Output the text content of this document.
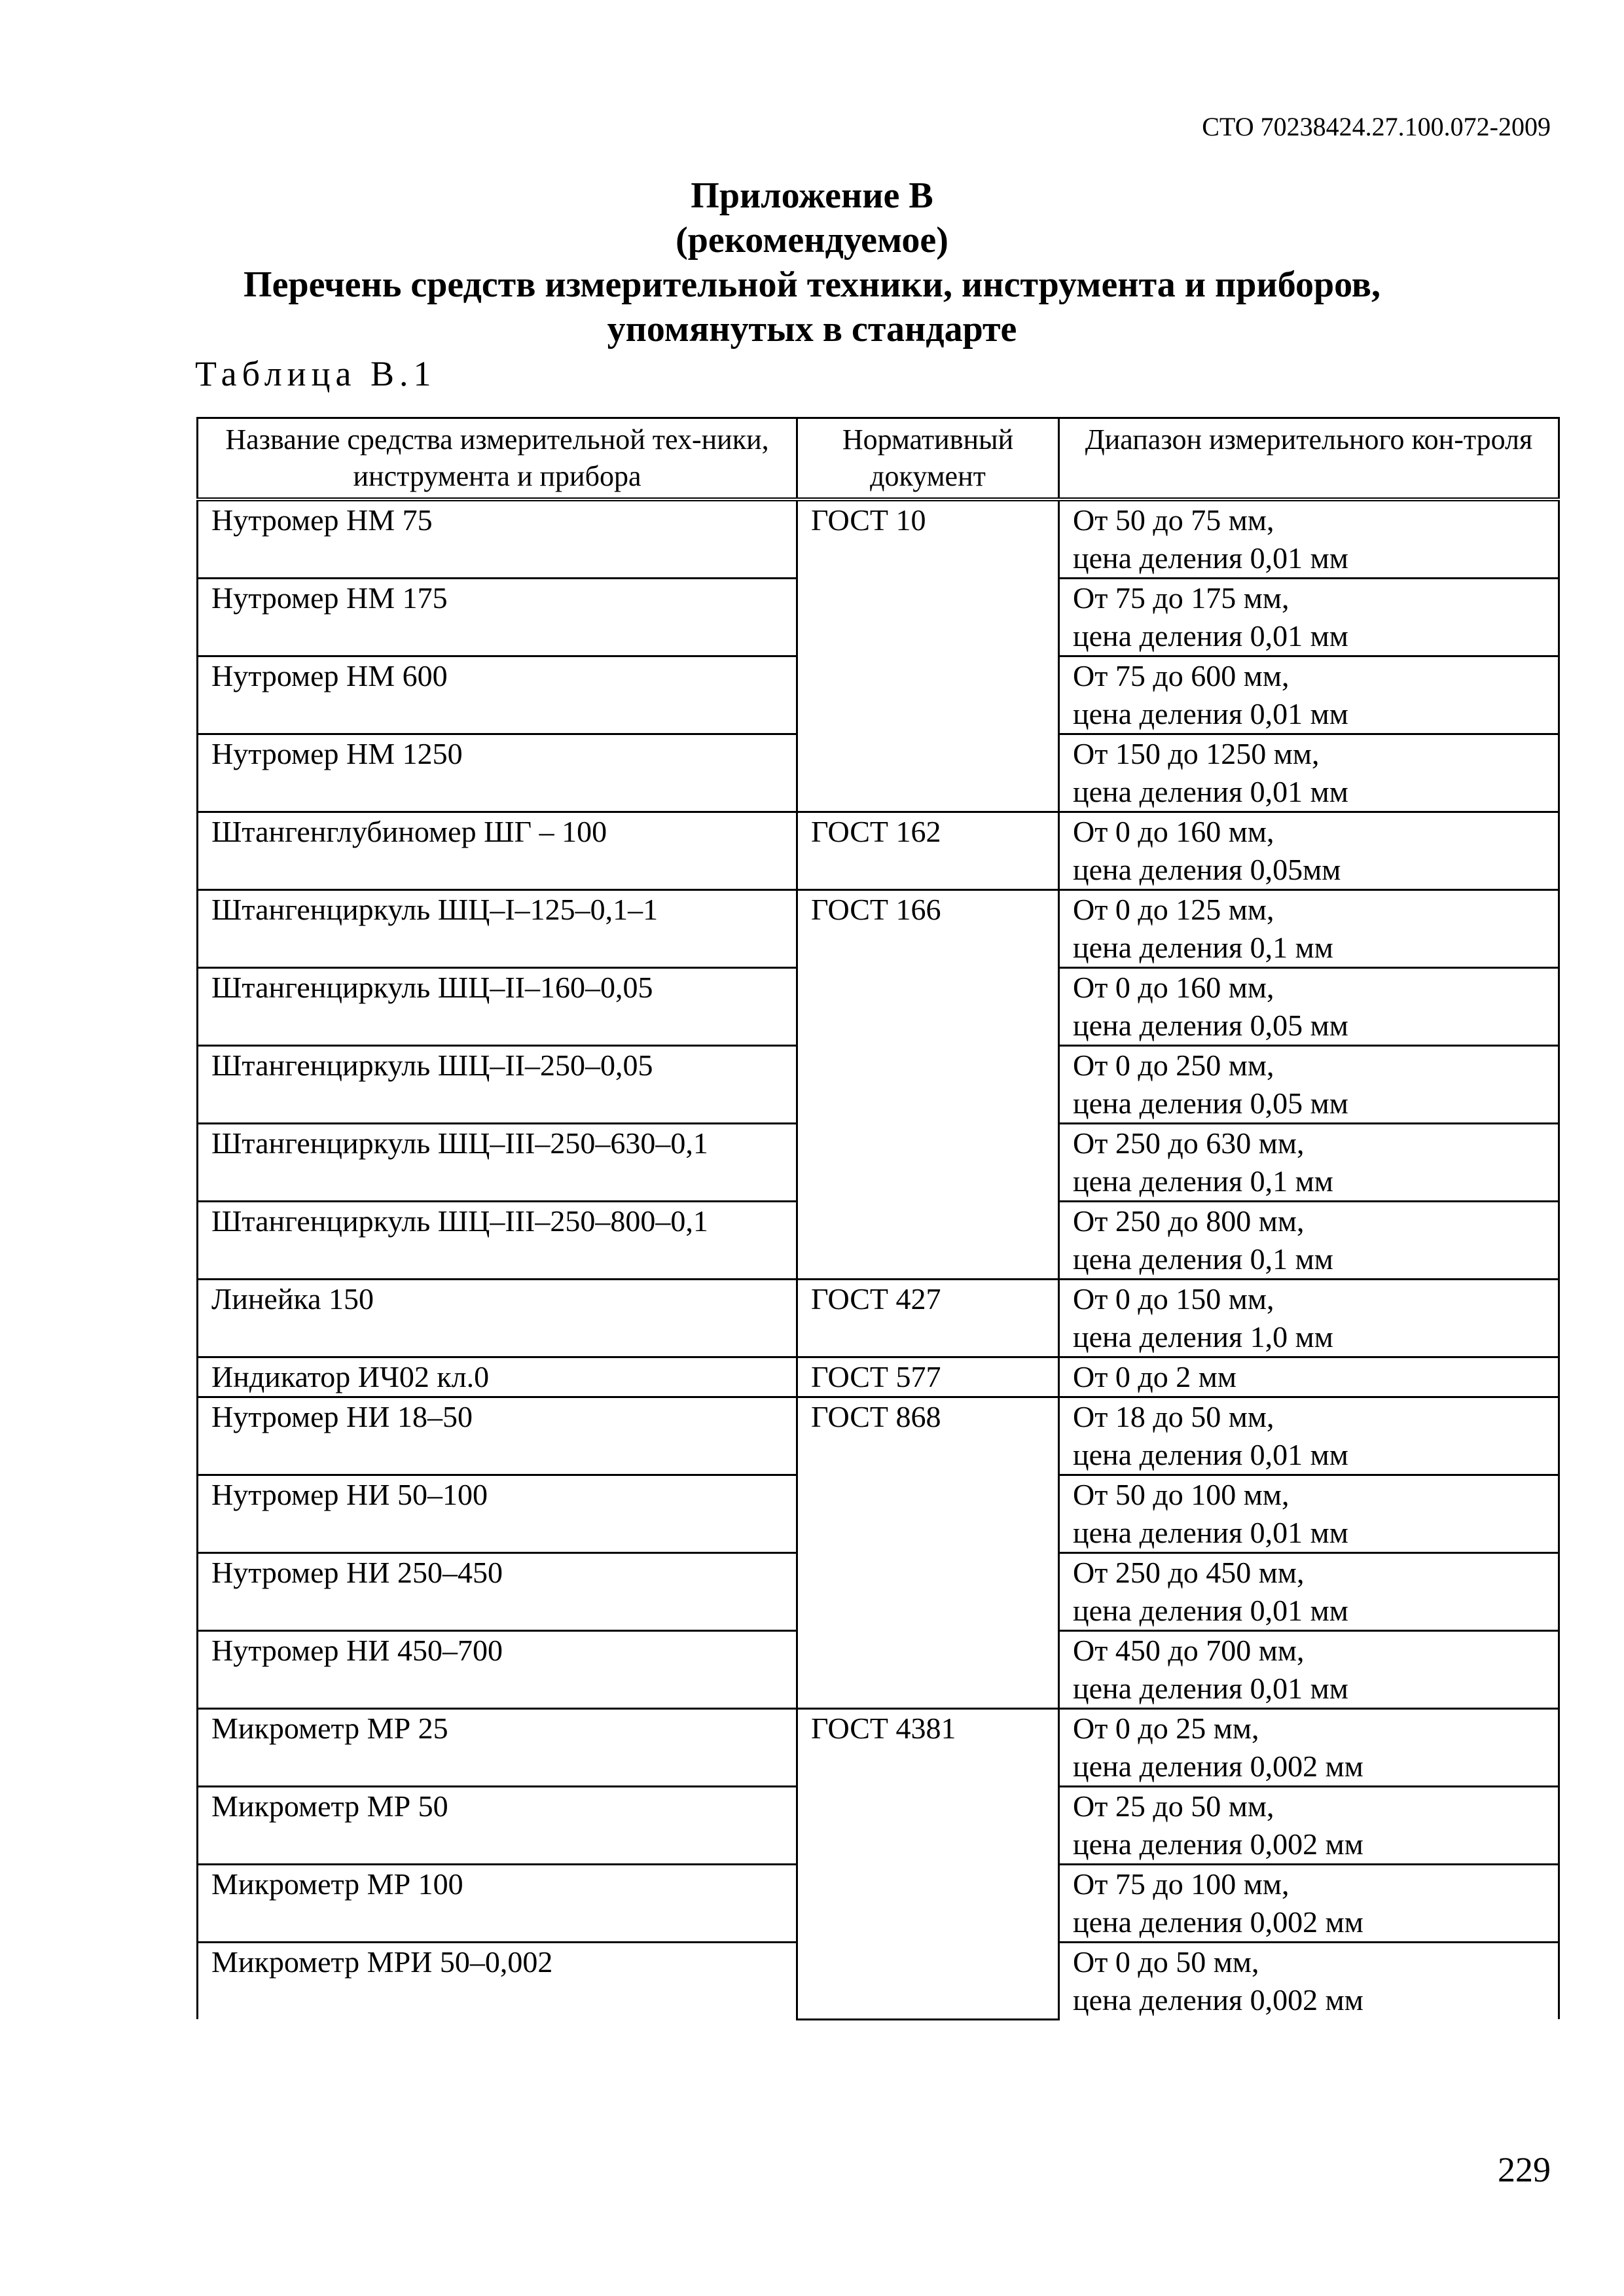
СТО 70238424.27.100.072-2009
Приложение В
(рекомендуемое)
Перечень средств измерительной техники, инструмента и приборов,
упомянутых в стандарте
Таблица В.1
Название средства измерительной тех-ники, инструмента и прибора	Нормативный документ	Диапазон измерительного кон-троля
Нутромер НМ 75	ГОСТ 10	От 50 до 75 мм,
цена деления 0,01 мм

Нутромер НМ 175		От 75 до 175 мм,
цена деления 0,01 мм

Нутромер НМ 600		От 75 до 600 мм,
цена деления 0,01 мм

Нутромер НМ 1250		От 150 до 1250 мм,
цена деления 0,01 мм

Штангенглубиномер ШГ – 100	ГОСТ 162	От 0 до 160 мм,
цена деления 0,05мм

Штангенциркуль ШЦ–I–125–0,1–1	ГОСТ 166	От 0 до 125 мм,
цена деления 0,1 мм

Штангенциркуль ШЦ–II–160–0,05		От 0 до 160 мм,
цена деления 0,05 мм

Штангенциркуль ШЦ–II–250–0,05		От 0 до 250 мм,
цена деления 0,05 мм

Штангенциркуль ШЦ–III–250–630–0,1		От 250 до 630 мм,
цена деления 0,1 мм

Штангенциркуль ШЦ–III–250–800–0,1		От 250 до 800 мм,
цена деления 0,1 мм

Линейка 150	ГОСТ 427	От 0 до 150 мм,
цена деления 1,0 мм

Индикатор ИЧ02 кл.0	ГОСТ 577	От 0 до 2 мм

Нутромер НИ 18–50	ГОСТ 868	От 18 до 50 мм,
цена деления 0,01 мм

Нутромер НИ 50–100		От 50 до 100 мм,
цена деления 0,01 мм

Нутромер НИ 250–450		От 250 до 450 мм,
цена деления 0,01 мм

Нутромер НИ 450–700		От 450 до 700 мм,
цена деления 0,01 мм

Микрометр МР 25	ГОСТ 4381	От 0 до 25 мм,
цена деления 0,002 мм

Микрометр МР 50		От 25 до 50 мм,
цена деления 0,002 мм

Микрометр МР 100		От 75 до 100 мм,
цена деления 0,002 мм

Микрометр МРИ 50–0,002		От 0 до 50 мм,
цена деления 0,002 мм
229
